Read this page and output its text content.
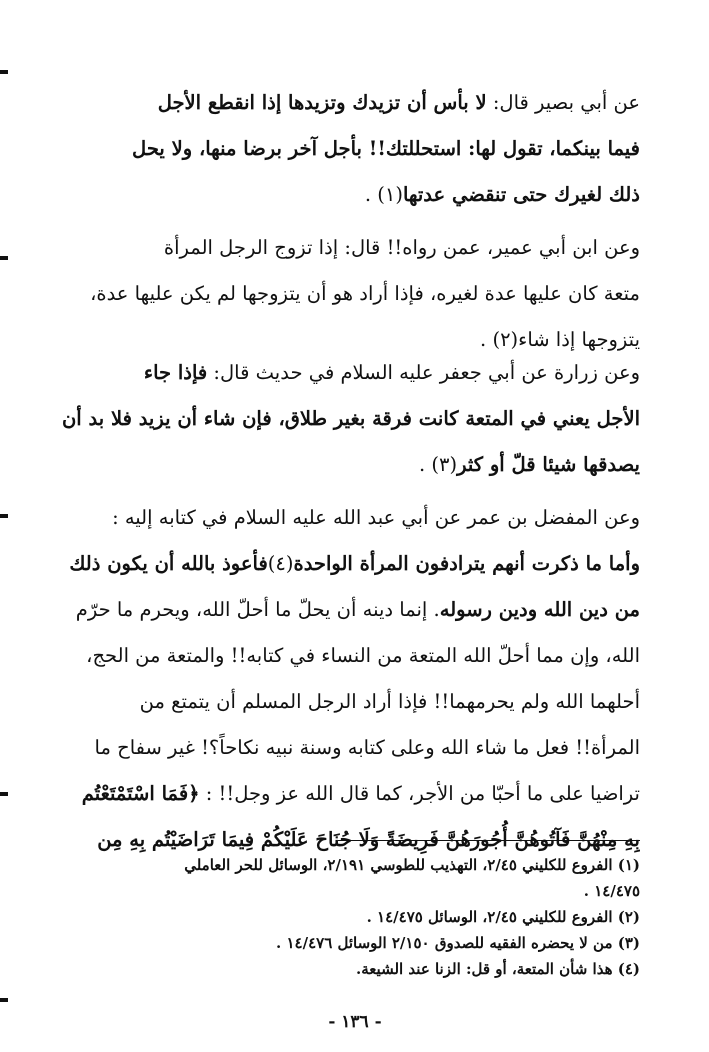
عن أبي بصير قال: لا بأس أن تزيدك وتزيدها إذا انقطع الأجل
فيما بينكما، تقول لها: استحللتك!! بأجل آخر برضا منها، ولا يحل
ذلك لغيرك حتى تنقضي عدتها(١) .
وعن ابن أبي عمير، عمن رواه!! قال: إذا تزوج الرجل المرأة
متعة كان عليها عدة لغيره، فإذا أراد هو أن يتزوجها لم يكن عليها عدة،
يتزوجها إذا شاء(٢) .
وعن زرارة عن أبي جعفر عليه السلام في حديث قال: فإذا جاء
الأجل يعني في المتعة كانت فرقة بغير طلاق، فإن شاء أن يزيد فلا بد أن
يصدقها شيئا قلّ أو كثر(٣) .
وعن المفضل بن عمر عن أبي عبد الله عليه السلام في كتابه إليه :
وأما ما ذكرت أنهم يترادفون المرأة الواحدة(٤)فأعوذ بالله أن يكون ذلك
من دين الله ودين رسوله. إنما دينه أن يحلّ ما أحلّ الله، ويحرم ما حرّم
الله، وإن مما أحلّ الله المتعة من النساء في كتابه!! والمتعة من الحج،
أحلهما الله ولم يحرمهما!! فإذا أراد الرجل المسلم أن يتمتع من
المرأة!! فعل ما شاء الله وعلى كتابه وسنة نبيه نكاحاً؟! غير سفاح ما
تراضيا على ما أحبّا من الأجر، كما قال الله عز وجل!! : ﴿فَمَا اسْتَمْتَعْتُم
بِهِ مِنْهُنَّ فَآتُوهُنَّ أُجُورَهُنَّ فَرِيضَةً وَلَا جُنَاحَ عَلَيْكُمْ فِيمَا تَرَاضَيْتُم بِهِ مِن
(١) الفروع للكليني ٢/٤٥، التهذيب للطوسي ٢/١٩١، الوسائل للحر العاملي
١٤/٤٧٥ .
(٢) الفروع للكليني ٢/٤٥، الوسائل ١٤/٤٧٥ .
(٣) من لا يحضره الفقيه للصدوق ٢/١٥٠ الوسائل ١٤/٤٧٦ .
(٤) هذا شأن المتعة، أو قل: الزنا عند الشيعة.
- ١٣٦ -
